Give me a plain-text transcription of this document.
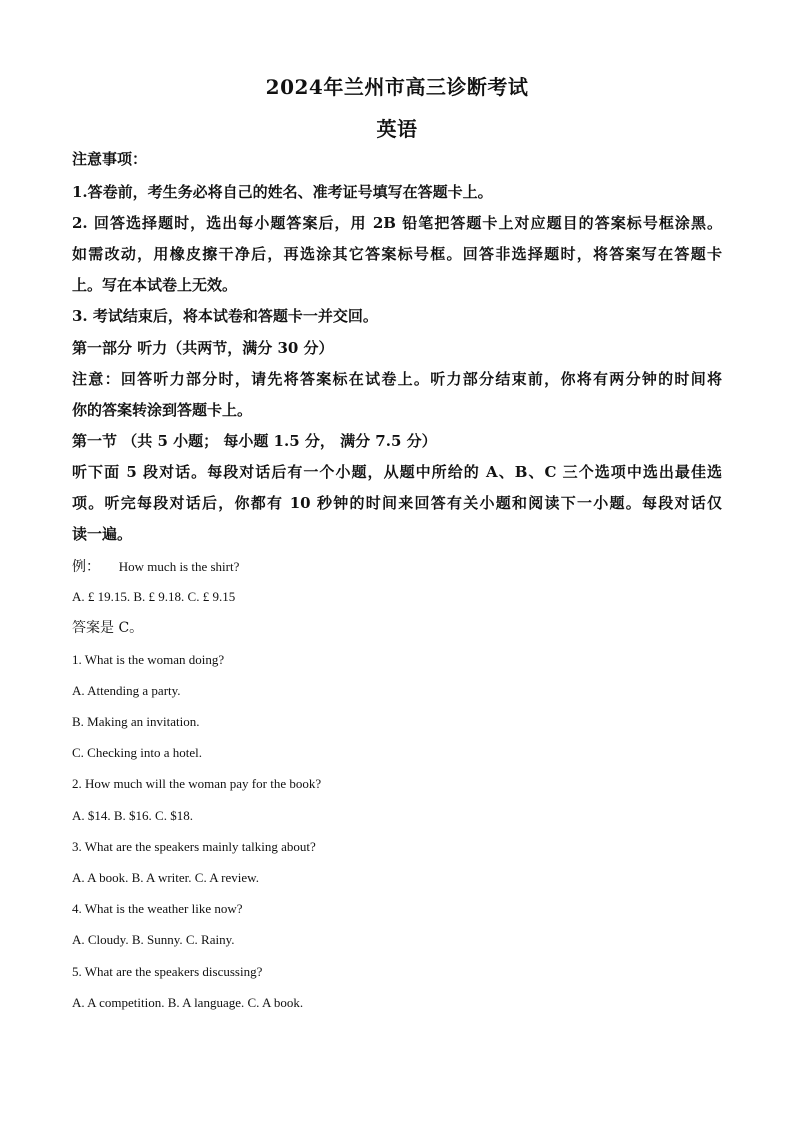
2024年兰州市高三诊断考试
英语
注意事项：
1.答卷前，考生务必将自己的姓名、准考证号填写在答题卡上。
2. 回答选择题时，选出每小题答案后，用 2B 铅笔把答题卡上对应题目的答案标号框涂黑。
如需改动，用橡皮擦干净后，再选涂其它答案标号框。回答非选择题时，将答案写在答题卡
上。写在本试卷上无效。
3. 考试结束后，将本试卷和答题卡一并交回。
第一部分 听力（共两节，满分 30 分）
注意：回答听力部分时，请先将答案标在试卷上。听力部分结束前，你将有两分钟的时间将
你的答案转涂到答题卡上。
第一节 （共 5 小题； 每小题 1.5 分， 满分 7.5 分）
听下面 5 段对话。每段对话后有一个小题，从题中所给的 A、B、C 三个选项中选出最佳选
项。听完每段对话后，你都有 10 秒钟的时间来回答有关小题和阅读下一小题。每段对话仅
读一遍。
例： How much is the shirt?
A. £ 19.15. B. £ 9.18. C. £ 9.15
答案是 C。
1. What is the woman doing?
A. Attending a party.
B. Making an invitation.
C. Checking into a hotel.
2. How much will the woman pay for the book?
A. $14. B. $16. C. $18.
3. What are the speakers mainly talking about?
A. A book. B. A writer. C. A review.
4. What is the weather like now?
A. Cloudy. B. Sunny. C. Rainy.
5. What are the speakers discussing?
A. A competition. B. A language. C. A book.
